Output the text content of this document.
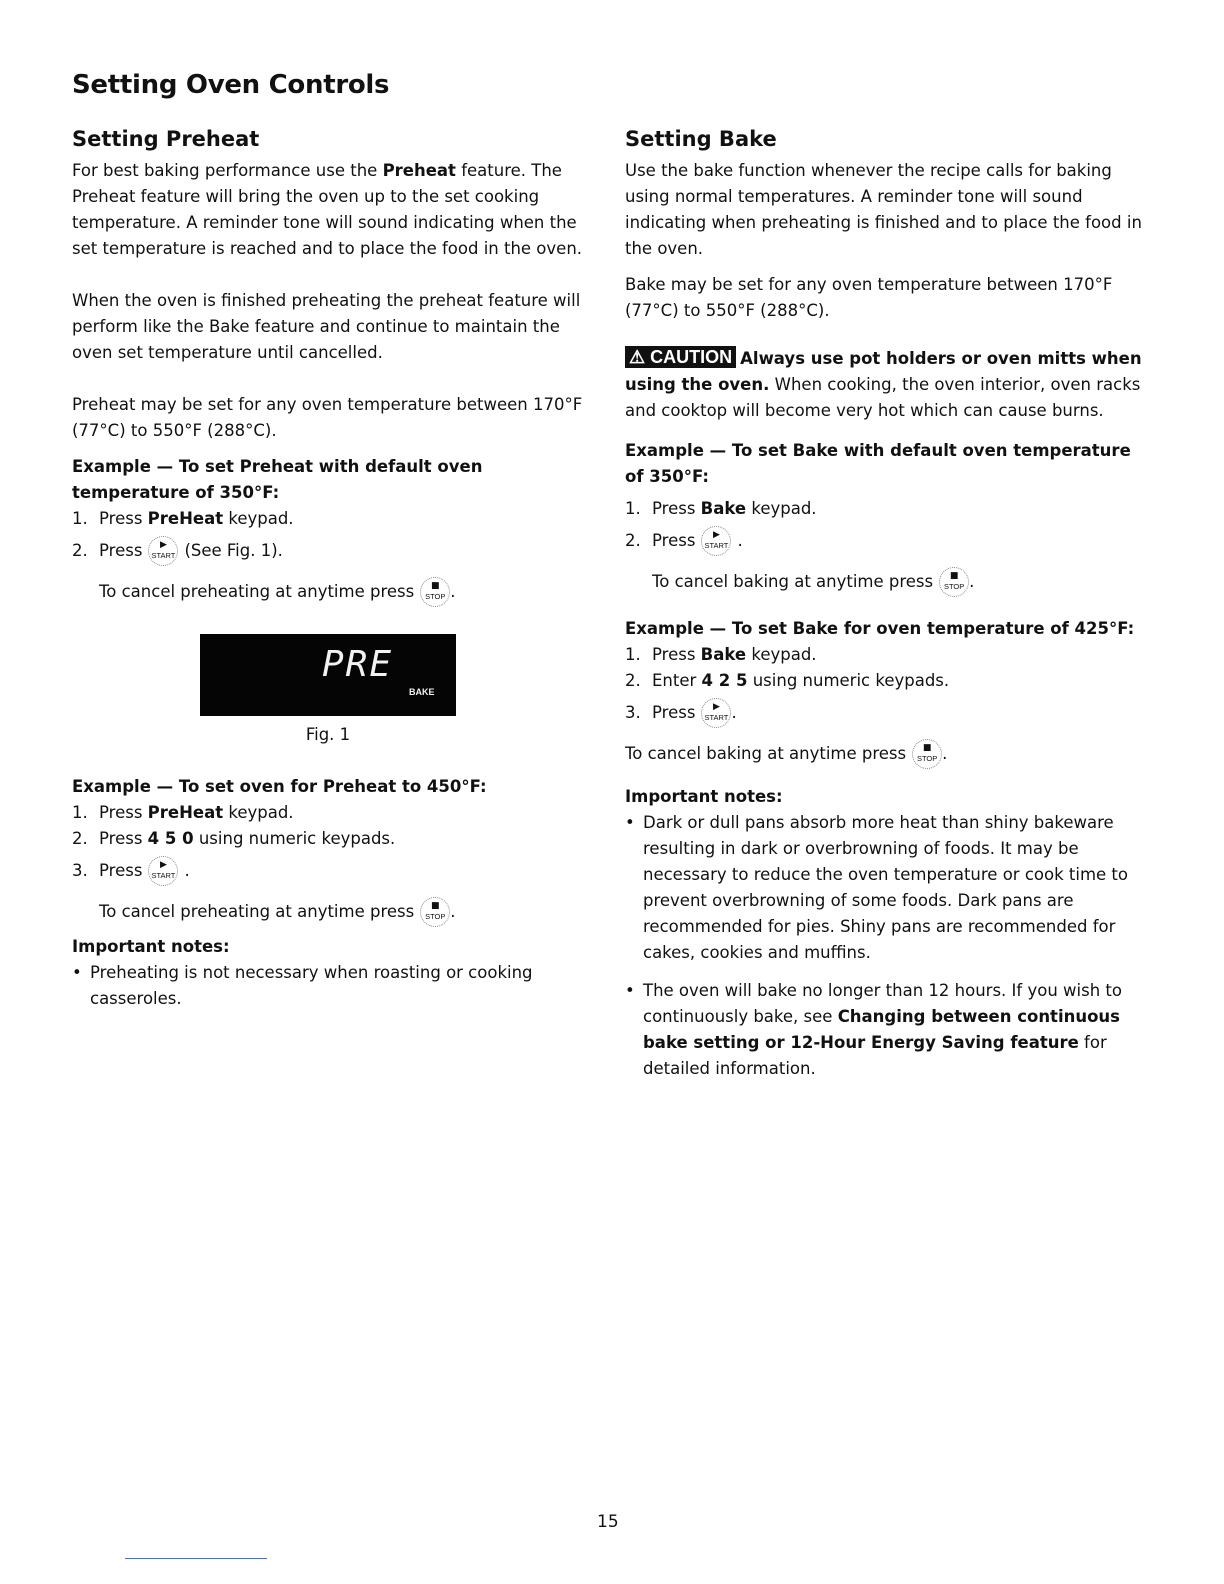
Setting Oven Controls
Setting Preheat

For best baking performance use the Preheat feature. The Preheat feature will bring the oven up to the set cooking temperature. A reminder tone will sound indicating when the set temperature is reached and to place the food in the oven.

When the oven is finished preheating the preheat feature will perform like the Bake feature and continue to maintain the oven set temperature until cancelled.

Preheat may be set for any oven temperature between 170°F (77°C) to 550°F (288°C).

Example — To set Preheat with default oven temperature of 350°F:

1. Press PreHeat keypad.
2. Press	▶
START (See Fig. 1).
To cancel preheating at anytime press	■
STOP .
PRE
BAKE
Fig. 1

Example — To set oven for Preheat to 450°F:

1. Press PreHeat keypad.
2. Press 4 5 0 using numeric keypads.
3. Press	▶
START .
To cancel preheating at anytime press	■
STOP .

Important notes:

• Preheating is not necessary when roasting or cooking casseroles.

Setting Bake

Use the bake function whenever the recipe calls for baking using normal temperatures. A reminder tone will sound indicating when preheating is finished and to place the food in the oven.

Bake may be set for any oven temperature between 170°F (77°C) to 550°F (288°C).

⚠ CAUTION Always use pot holders or oven mitts when using the oven. When cooking, the oven interior, oven racks and cooktop will become very hot which can cause burns.

Example — To set Bake with default oven temperature of 350°F:

1. Press Bake keypad.
2. Press	▶
START .
To cancel baking at anytime press	■
STOP .

Example — To set Bake for oven temperature of 425°F:

1. Press Bake keypad.
2. Enter 4 2 5 using numeric keypads.
3. Press	▶
START .
To cancel baking at anytime press	■
STOP .

Important notes:

• Dark or dull pans absorb more heat than shiny bakeware resulting in dark or overbrowning of foods. It may be necessary to reduce the oven temperature or cook time to prevent overbrowning of some foods. Dark pans are recommended for pies. Shiny pans are recommended for cakes, cookies and muffins.

• The oven will bake no longer than 12 hours. If you wish to continuously bake, see Changing between continuous bake setting or 12-Hour Energy Saving feature for detailed information.

15
